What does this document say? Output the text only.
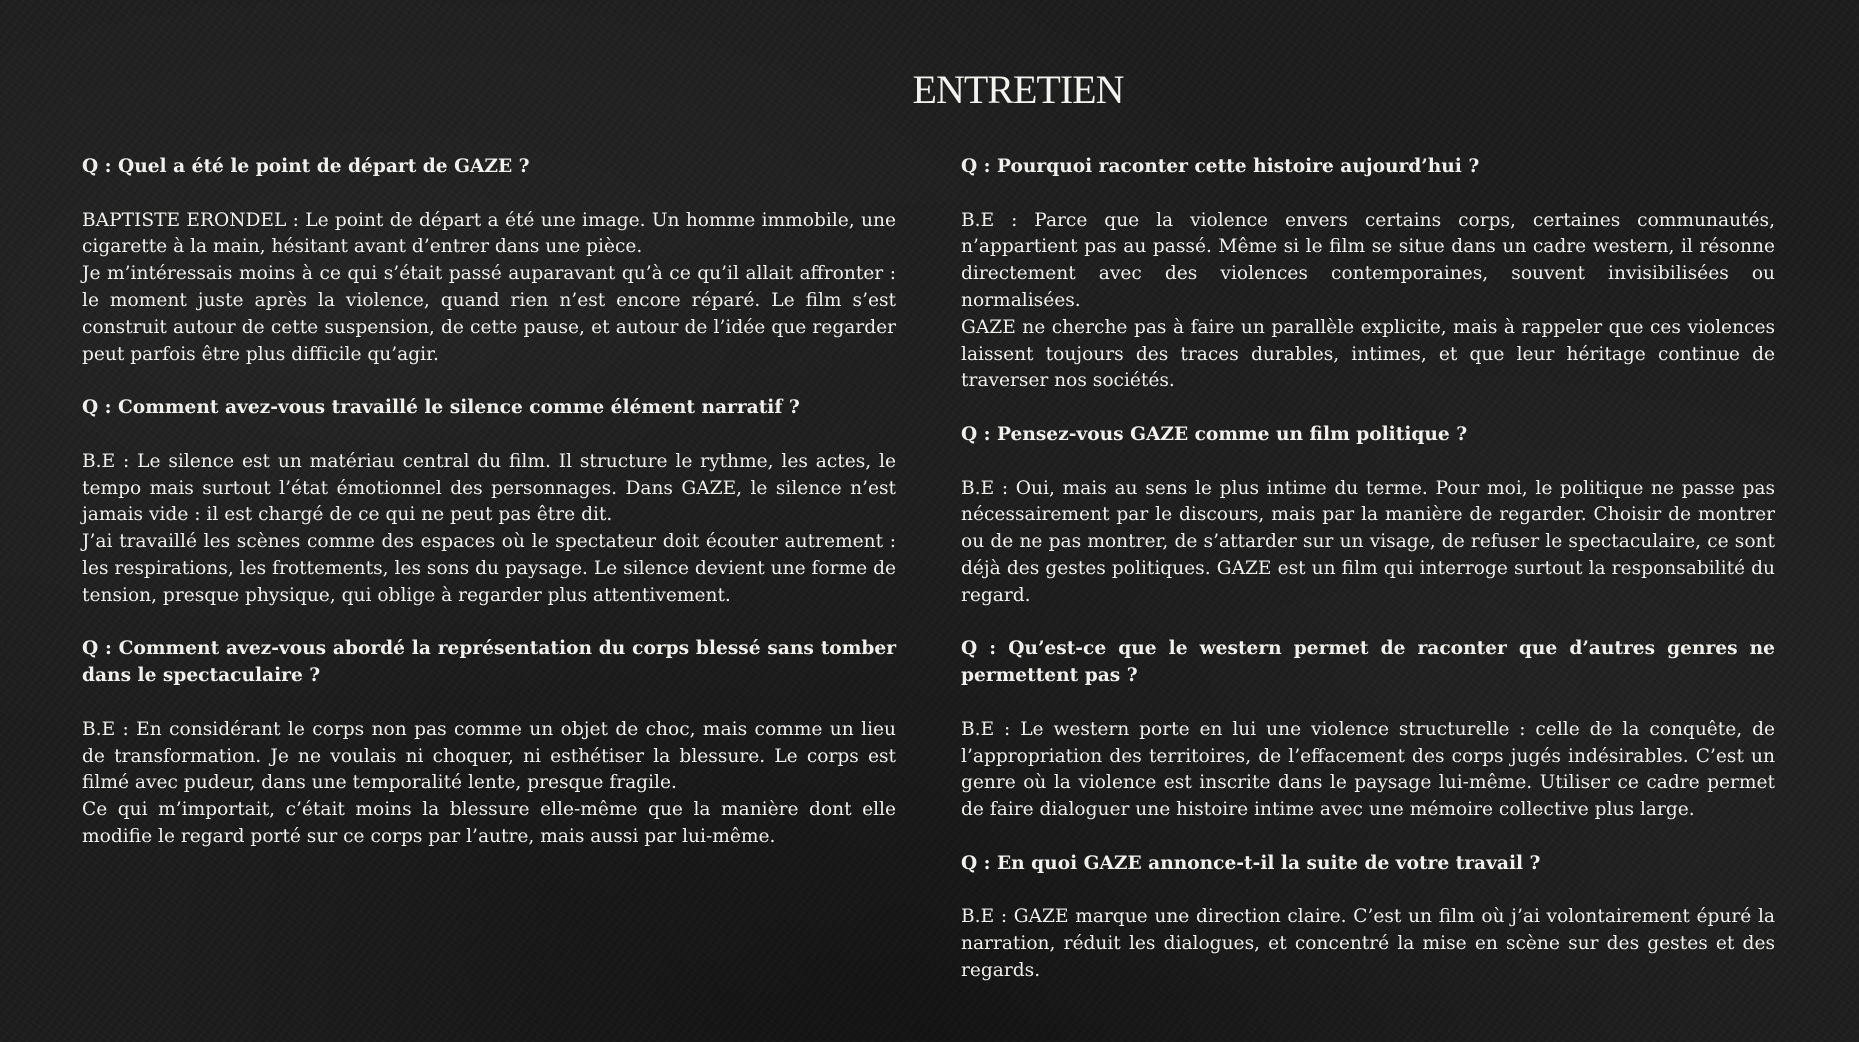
ENTRETIEN

Q : Quel a été le point de départ de GAZE ?

BAPTISTE ERONDEL : Le point de départ a été une image. Un homme immobile, une cigarette à la main, hésitant avant d’entrer dans une pièce.

Je m’intéressais moins à ce qui s’était passé auparavant qu’à ce qu’il allait affronter : le moment juste après la violence, quand rien n’est encore réparé. Le film s’est construit autour de cette suspension, de cette pause, et autour de l’idée que regarder peut parfois être plus difficile qu’agir.

Q : Comment avez-vous travaillé le silence comme élément narratif ?

B.E : Le silence est un matériau central du film. Il structure le rythme, les actes, le tempo mais surtout l’état émotionnel des personnages. Dans GAZE, le silence n’est jamais vide : il est chargé de ce qui ne peut pas être dit.

J’ai travaillé les scènes comme des espaces où le spectateur doit écouter autrement : les respirations, les frottements, les sons du paysage. Le silence devient une forme de tension, presque physique, qui oblige à regarder plus attentivement.

Q : Comment avez-vous abordé la représentation du corps blessé sans tomber dans le spectaculaire ?

B.E : En considérant le corps non pas comme un objet de choc, mais comme un lieu de transformation. Je ne voulais ni choquer, ni esthétiser la blessure. Le corps est filmé avec pudeur, dans une temporalité lente, presque fragile.

Ce qui m’importait, c’était moins la blessure elle-même que la manière dont elle modifie le regard porté sur ce corps par l’autre, mais aussi par lui-même.

Q : Pourquoi raconter cette histoire aujourd’hui ?

B.E : Parce que la violence envers certains corps, certaines communautés, n’appartient pas au passé. Même si le film se situe dans un cadre western, il résonne directement avec des violences contemporaines, souvent invisibilisées ou normalisées.

GAZE ne cherche pas à faire un parallèle explicite, mais à rappeler que ces violences laissent toujours des traces durables, intimes, et que leur héritage continue de traverser nos sociétés.

Q : Pensez-vous GAZE comme un film politique ?

B.E : Oui, mais au sens le plus intime du terme. Pour moi, le politique ne passe pas nécessairement par le discours, mais par la manière de regarder. Choisir de montrer ou de ne pas montrer, de s’attarder sur un visage, de refuser le spectaculaire, ce sont déjà des gestes politiques. GAZE est un film qui interroge surtout la responsabilité du regard.

Q : Qu’est-ce que le western permet de raconter que d’autres genres ne permettent pas ?

B.E : Le western porte en lui une violence structurelle : celle de la conquête, de l’appropriation des territoires, de l’effacement des corps jugés indésirables. C’est un genre où la violence est inscrite dans le paysage lui-même. Utiliser ce cadre permet de faire dialoguer une histoire intime avec une mémoire collective plus large.

Q : En quoi GAZE annonce-t-il la suite de votre travail ?

B.E : GAZE marque une direction claire. C’est un film où j’ai volontairement épuré la narration, réduit les dialogues, et concentré la mise en scène sur des gestes et des regards.
